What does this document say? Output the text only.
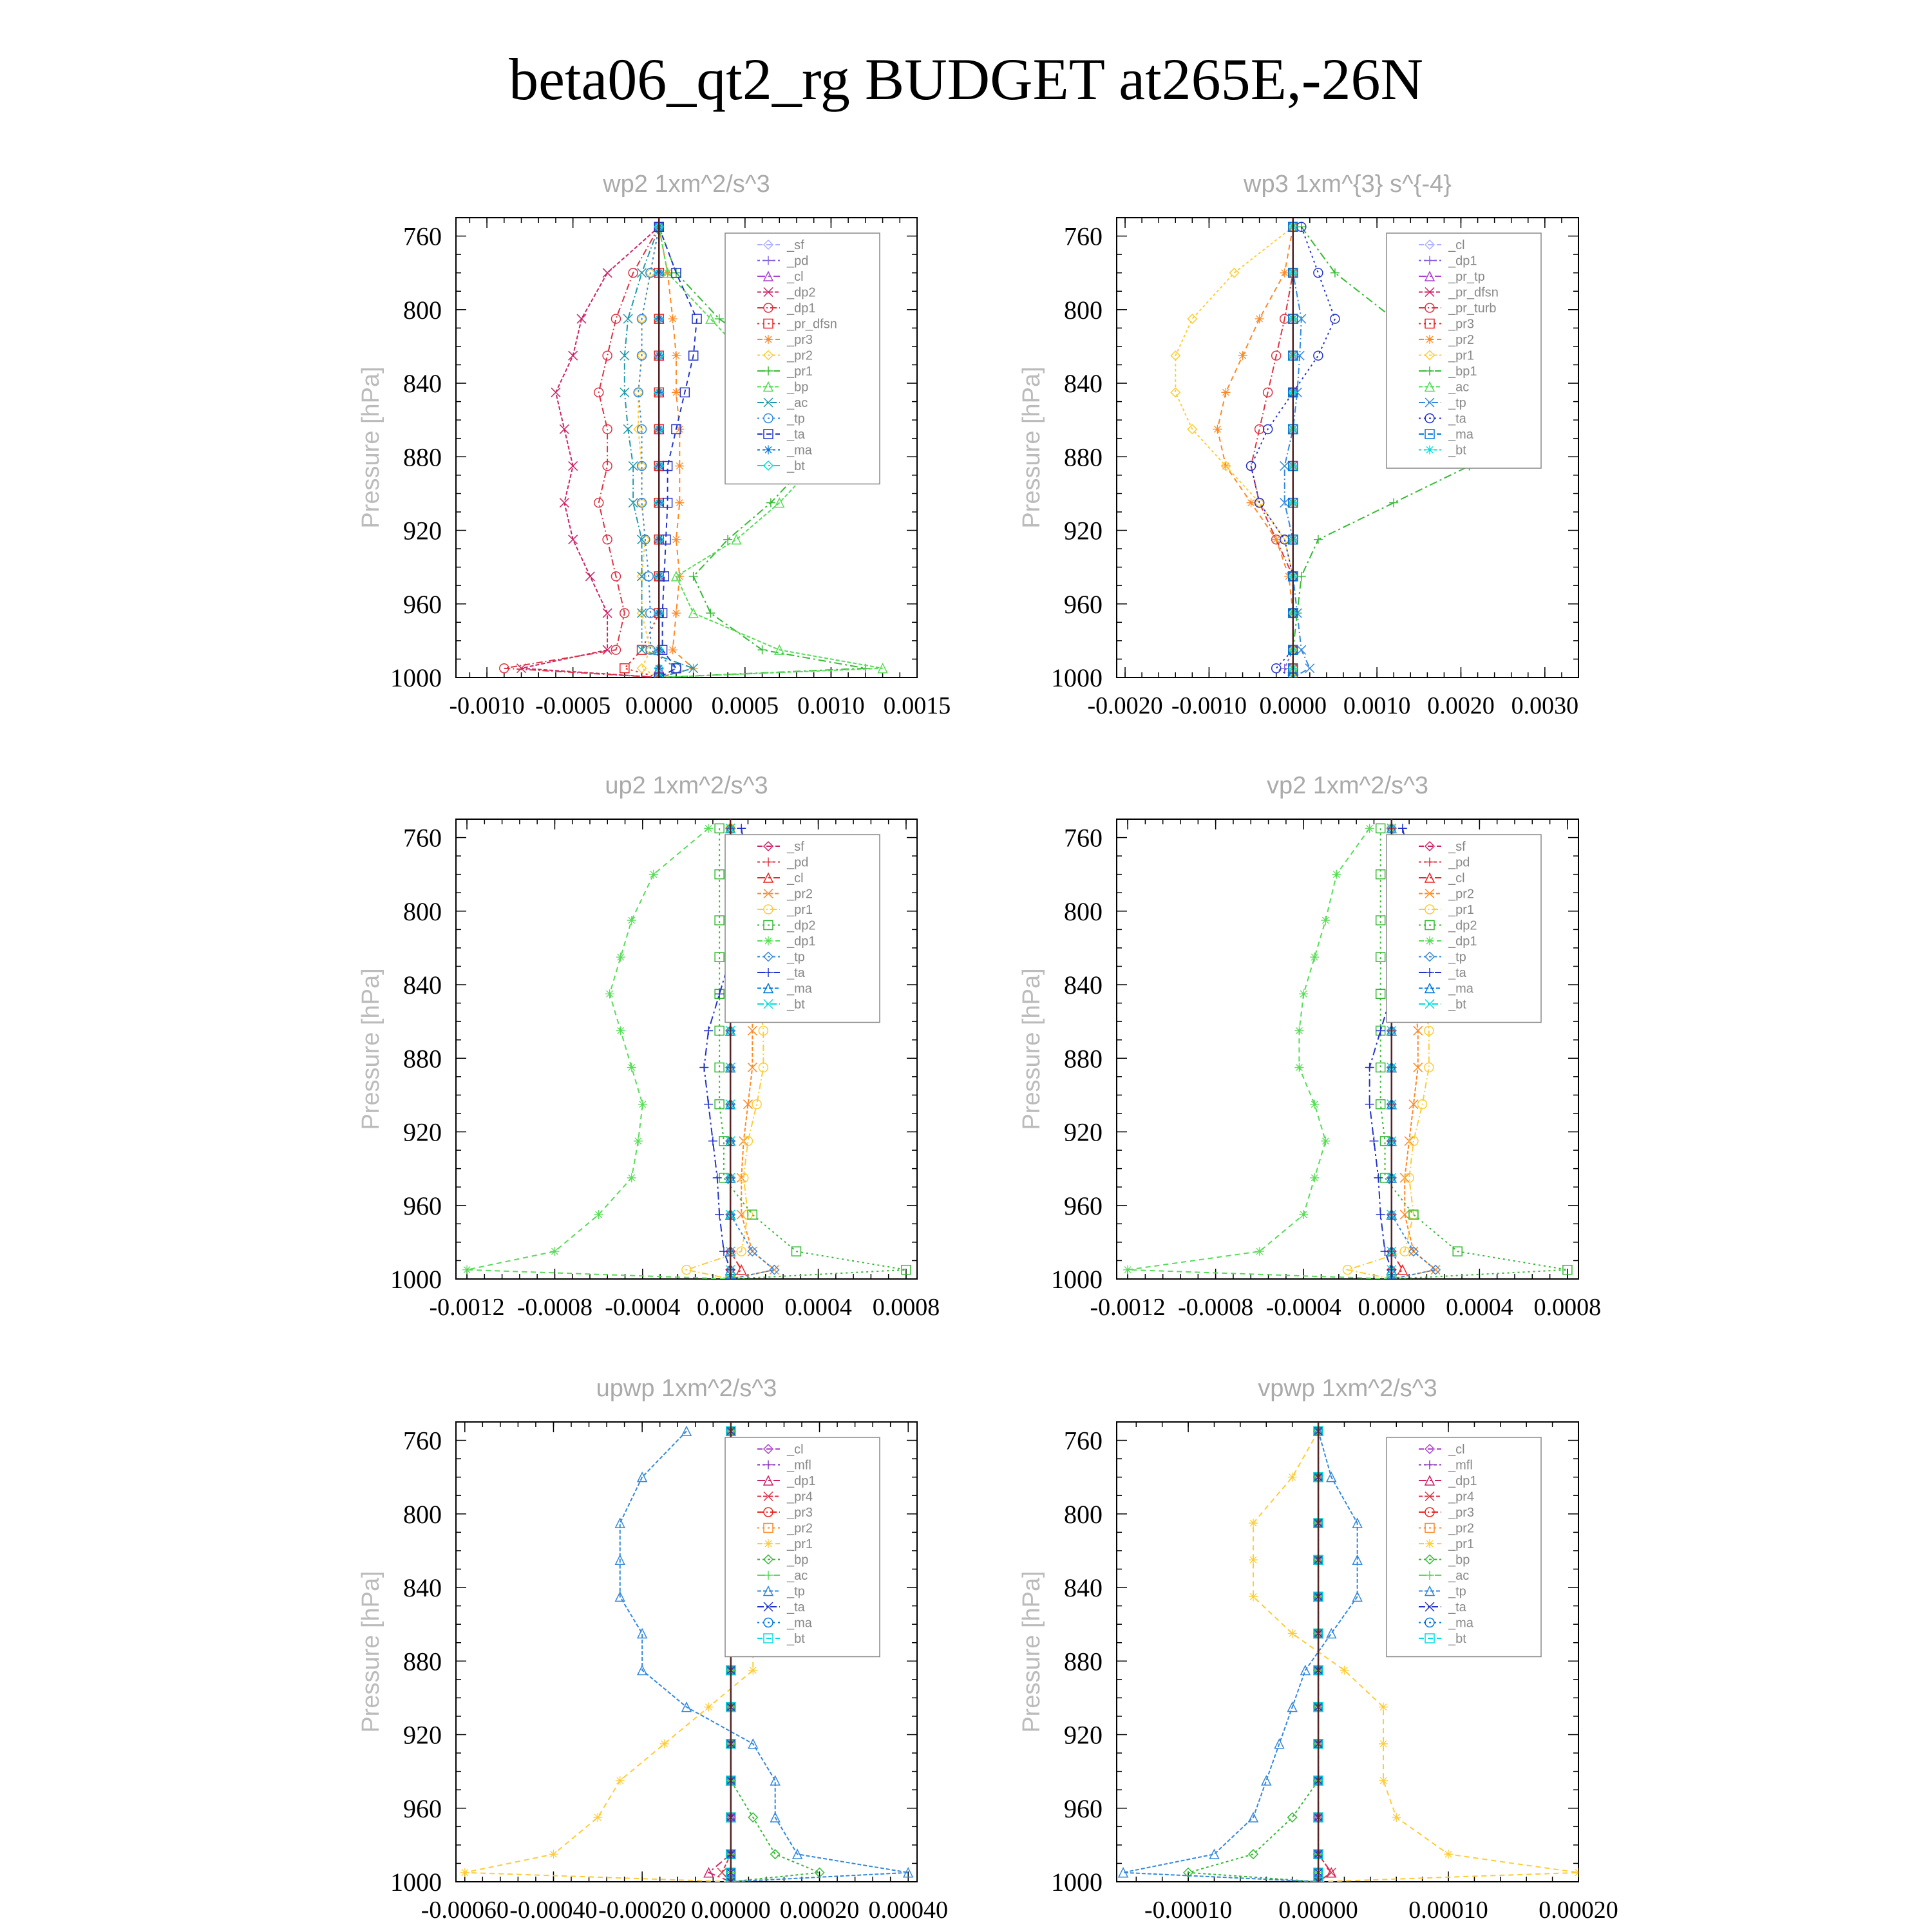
beta06_qt2_rg BUDGET at265E,-26N
wp2 1xm^2/s^3
Pressure [hPa]
760
800
840
880
920
960
1000
-0.0010 -0.0005 0.0000 0.0005 0.0010 0.0015
_sf
_pd
_cl
_dp2
_dp1
_pr_dfsn
_pr3
_pr2
_pr1
_bp
_ac
_tp
_ta
_ma
_bt
wp3 1xm^{3} s^{-4}
Pressure [hPa]
760
800
840
880
920
960
1000
-0.0020 -0.0010 0.0000 0.0010 0.0020 0.0030
_cl
_dp1
_pr_tp
_pr_dfsn
_pr_turb
_pr3
_pr2
_pr1
_bp1
_ac
_tp
_ta
_ma
_bt
up2 1xm^2/s^3
Pressure [hPa]
760
800
840
880
920
960
1000
-0.0012 -0.0008 -0.0004 0.0000 0.0004 0.0008
_sf
_pd
_cl
_pr2
_pr1
_dp2
_dp1
_tp
_ta
_ma
_bt
vp2 1xm^2/s^3
Pressure [hPa]
760
800
840
880
920
960
1000
-0.0012 -0.0008 -0.0004 0.0000 0.0004 0.0008
_sf
_pd
_cl
_pr2
_pr1
_dp2
_dp1
_tp
_ta
_ma
_bt
upwp 1xm^2/s^3
Pressure [hPa]
760
800
840
880
920
960
1000
-0.00060 -0.00040 -0.00020 0.00000 0.00020 0.00040
_cl
_mfl
_dp1
_pr4
_pr3
_pr2
_pr1
_bp
_ac
_tp
_ta
_ma
_bt
vpwp 1xm^2/s^3
Pressure [hPa]
760
800
840
880
920
960
1000
-0.00010 0.00000 0.00010 0.00020
_cl
_mfl
_dp1
_pr4
_pr3
_pr2
_pr1
_bp
_ac
_tp
_ta
_ma
_bt
